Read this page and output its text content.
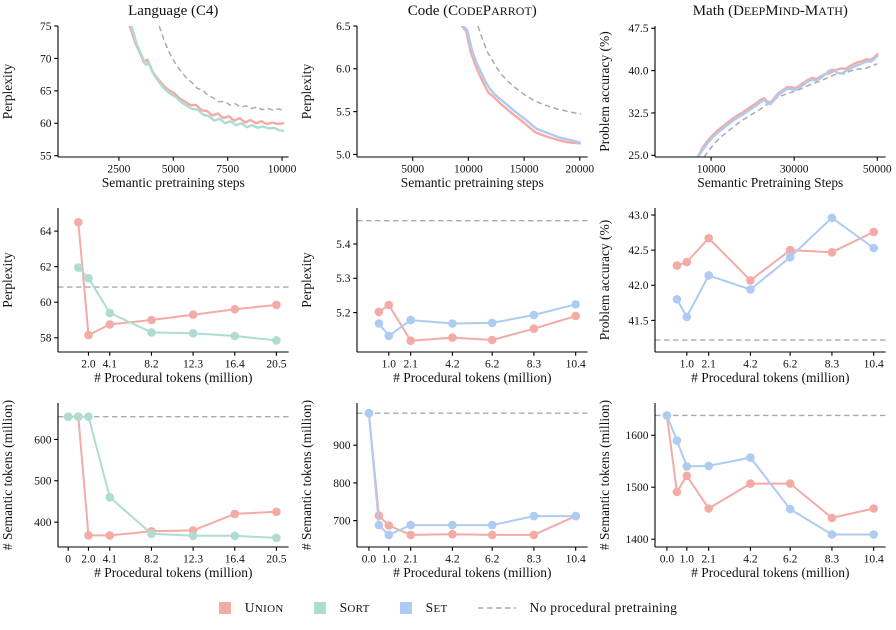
2500	5000	7500 10000
55
60
65
70
75
Semantic pretraining steps
Perplexity
Language (C4)
5000	10000 15000 20000
5.0
5.5
6.0
6.5
Semantic pretraining steps
Perplexity
Code (CODEPARROT)
10000	30000	50000
25.0
32.5
40.0
47.5
Semantic Pretraining Steps
Problem accuracy (%)
Math (DEEPMIND-MATH)
2.0 4.1 8.2 12.3 16.4 20.5
58
60
62
64
# Procedural tokens (million)
Perplexity
1.0 2.1 4.2 6.2 8.3 10.4
5.2
5.3
5.4
# Procedural tokens (million)
Perplexity
1.0 2.1 4.2 6.2 8.3 10.4
41.5
42.0
42.5
43.0
# Procedural tokens (million)
Problem accuracy (%)
0 2.0 4.1 8.2 12.3 16.4 20.5
400
500
600
# Procedural tokens (million)
# Semantic tokens (million)
0.0 1.0 2.1 4.2 6.2 8.3 10.4
700
800
900
# Procedural tokens (million)
# Semantic tokens (million)
0.0 1.0 2.1 4.2 6.2 8.3 10.4
1400
1500
1600
# Procedural tokens (million)
# Semantic tokens (million)
UNION	SORT	SET	No procedural pretraining
